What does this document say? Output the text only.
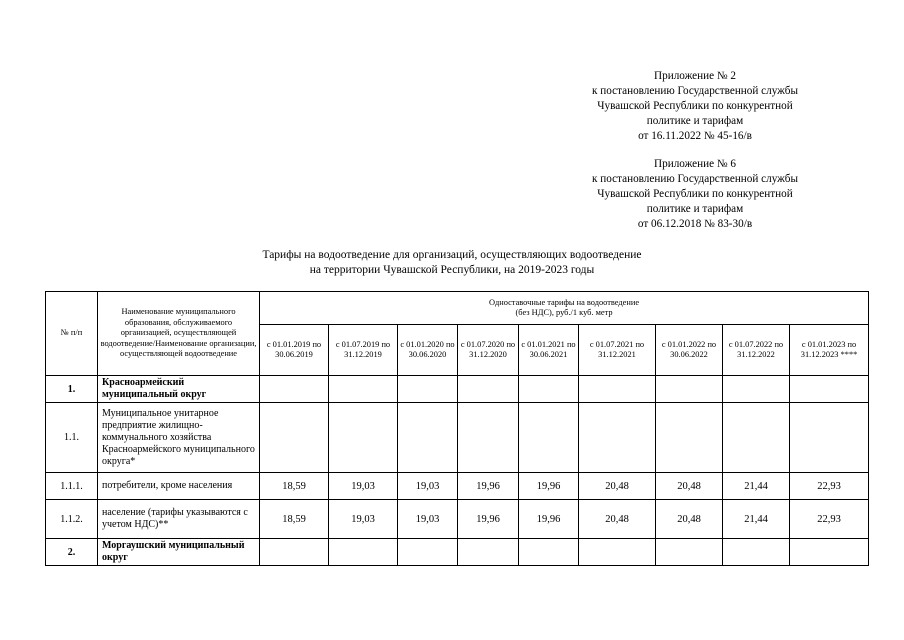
Приложение № 2
к постановлению Государственной службы
Чувашской Республики по конкурентной
политике и тарифам
от 16.11.2022 № 45-16/в
Приложение № 6
к постановлению Государственной службы
Чувашской Республики по конкурентной
политике и тарифам
от 06.12.2018 № 83-30/в
Тарифы на водоотведение для организаций, осуществляющих водоотведение
на территории Чувашской Республики, на 2019-2023 годы
№ п/п	Наименование муниципального образования, обслуживаемого организацией, осуществляющей водоотведение/Наименование организации, осуществляющей водоотведение	Одноставочные тарифы на водоотведение
(без НДС), руб./1 куб. метр								

		с 01.01.2019 по 30.06.2019	с 01.07.2019 по 31.12.2019	с 01.01.2020 по 30.06.2020	с 01.07.2020 по 31.12.2020	с 01.01.2021 по 30.06.2021	с 01.07.2021 по 31.12.2021	с 01.01.2022 по 30.06.2022	с 01.07.2022 по 31.12.2022	с 01.01.2023 по 31.12.2023 ****
1.	Красноармейский муниципальный округ									
1.1.	Муниципальное унитарное предприятие жилищно-коммунального хозяйства Красноармейского муниципального округа*									
1.1.1.	потребители, кроме населения	18,59	19,03	19,03	19,96	19,96	20,48	20,48	21,44	22,93
1.1.2.	население (тарифы указываются с учетом НДС)**	18,59	19,03	19,03	19,96	19,96	20,48	20,48	21,44	22,93
2.	Моргаушский муниципальный округ									
